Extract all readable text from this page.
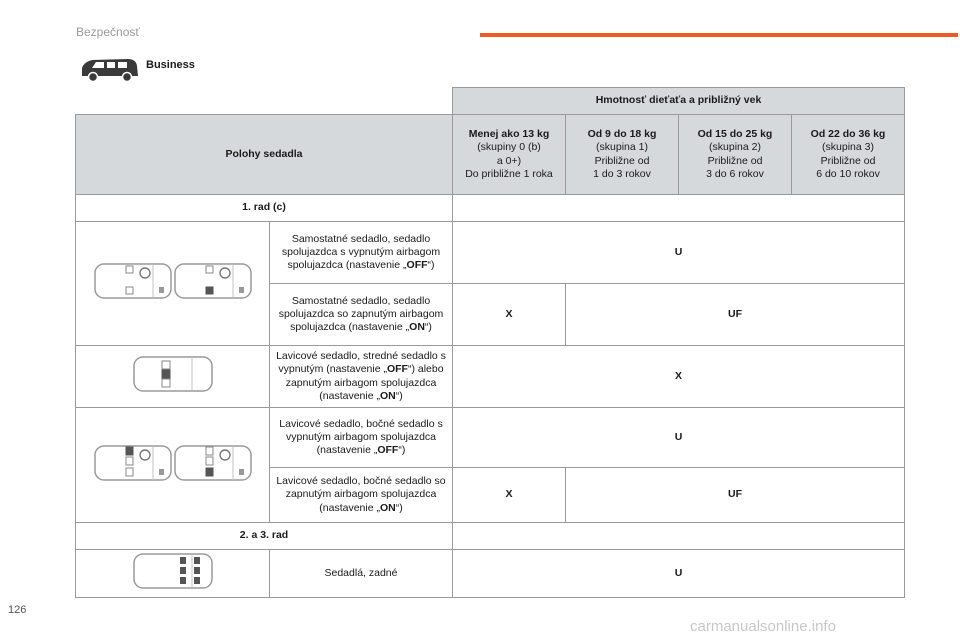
Bezpečnosť
Business
		Hmotnosť dieťaťa a približný vek			
Polohy sedadla		Menej ako 13 kg
(skupiny 0 (b)
a 0+)
Do približne 1 roka	Od 9 do 18 kg
(skupina 1)
Približne od
1 do 3 rokov	Od 15 do 25 kg
(skupina 2)
Približne od
3 do 6 rokov	Od 22 do 36 kg
(skupina 3)
Približne od
6 do 10 rokov
1. rad (c)					
	Samostatné sedadlo, sedadlo spolujazdca s vypnutým airbagom spolujazdca (nastavenie „OFF“)	U			
	Samostatné sedadlo, sedadlo spolujazdca so zapnutým airbagom spolujazdca (nastavenie „ON“)	X	UF		
	Lavicové sedadlo, stredné sedadlo s vypnutým (nastavenie „OFF“) alebo zapnutým airbagom spolujazdca (nastavenie „ON“)	X			
	Lavicové sedadlo, bočné sedadlo s vypnutým airbagom spolujazdca (nastavenie „OFF“)	U			
	Lavicové sedadlo, bočné sedadlo so zapnutým airbagom spolujazdca (nastavenie „ON“)	X	UF		
2. a 3. rad					
	Sedadlá, zadné	U			
126
carmanualsonline.info
